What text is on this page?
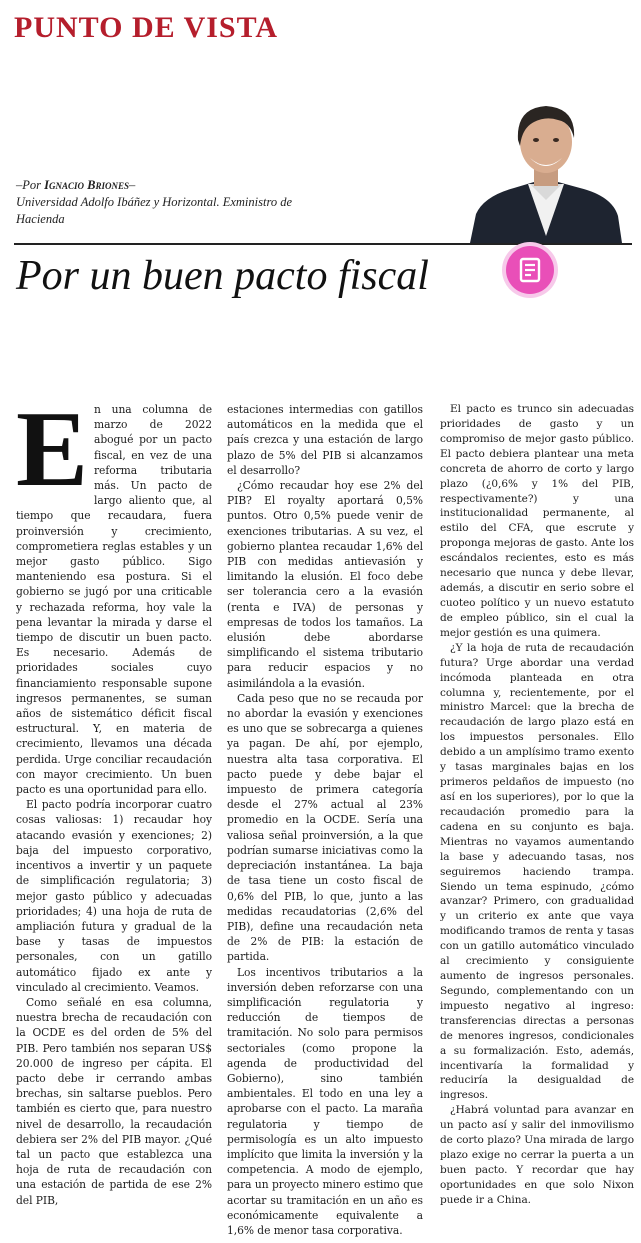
PUNTO DE VISTA
–Por Ignacio Briones–
Universidad Adolfo Ibáñez y Horizontal. Exministro de Hacienda
Por un buen pacto fiscal
E n una columna de marzo de 2022 abogué por un pacto fiscal, en vez de una reforma tributaria más. Un pacto de largo aliento que, al tiempo que recaudara, fuera proinversión y crecimiento, comprometiera reglas estables y un mejor gasto público. Sigo manteniendo esa postura. Si el gobierno se jugó por una criticable y rechazada reforma, hoy vale la pena levantar la mirada y darse el tiempo de discutir un buen pacto. Es necesario. Además de prioridades sociales cuyo financiamiento responsable supone ingresos permanentes, se suman años de sistemático déficit fiscal estructural. Y, en materia de crecimiento, llevamos una década perdida. Urge conciliar recaudación con mayor crecimiento. Un buen pacto es una oportunidad para ello.

El pacto podría incorporar cuatro cosas valiosas: 1) recaudar hoy atacando evasión y exenciones; 2) baja del impuesto corporativo, incentivos a invertir y un paquete de simplificación regulatoria; 3) mejor gasto público y adecuadas prioridades; 4) una hoja de ruta de ampliación futura y gradual de la base y tasas de impuestos personales, con un gatillo automático fijado ex ante y vinculado al crecimiento. Veamos.

Como señalé en esa columna, nuestra brecha de recaudación con la OCDE es del orden de 5% del PIB. Pero también nos separan US$ 20.000 de ingreso per cápita. El pacto debe ir cerrando ambas brechas, sin saltarse pueblos. Pero también es cierto que, para nuestro nivel de desarrollo, la recaudación debiera ser 2% del PIB mayor. ¿Qué tal un pacto que establezca una hoja de ruta de recaudación con una estación de partida de ese 2% del PIB,

estaciones intermedias con gatillos automáticos en la medida que el país crezca y una estación de largo plazo de 5% del PIB si alcanzamos el desarrollo?

¿Cómo recaudar hoy ese 2% del PIB? El royalty aportará 0,5% puntos. Otro 0,5% puede venir de exenciones tributarias. A su vez, el gobierno plantea recaudar 1,6% del PIB con medidas antievasión y limitando la elusión. El foco debe ser tolerancia cero a la evasión (renta e IVA) de personas y empresas de todos los tamaños. La elusión debe abordarse simplificando el sistema tributario para reducir espacios y no asimilándola a la evasión.

Cada peso que no se recauda por no abordar la evasión y exenciones es uno que se sobrecarga a quienes ya pagan. De ahí, por ejemplo, nuestra alta tasa corporativa. El pacto puede y debe bajar el impuesto de primera categoría desde el 27% actual al 23% promedio en la OCDE. Sería una valiosa señal proinversión, a la que podrían sumarse iniciativas como la depreciación instantánea. La baja de tasa tiene un costo fiscal de 0,6% del PIB, lo que, junto a las medidas recaudatorias (2,6% del PIB), define una recaudación neta de 2% de PIB: la estación de partida.

Los incentivos tributarios a la inversión deben reforzarse con una simplificación regulatoria y reducción de tiempos de tramitación. No solo para permisos sectoriales (como propone la agenda de productividad del Gobierno), sino también ambientales. El todo en una ley a aprobarse con el pacto. La maraña regulatoria y tiempo de permisología es un alto impuesto implícito que limita la inversión y la competencia. A modo de ejemplo, para un proyecto minero estimo que acortar su tramitación en un año es económicamente equivalente a 1,6% de menor tasa corporativa.

El pacto es trunco sin adecuadas prioridades de gasto y un compromiso de mejor gasto público. El pacto debiera plantear una meta concreta de ahorro de corto y largo plazo (¿0,6% y 1% del PIB, respectivamente?) y una institucionalidad permanente, al estilo del CFA, que escrute y proponga mejoras de gasto. Ante los escándalos recientes, esto es más necesario que nunca y debe llevar, además, a discutir en serio sobre el cuoteo político y un nuevo estatuto de empleo público, sin el cual la mejor gestión es una quimera.

¿Y la hoja de ruta de recaudación futura? Urge abordar una verdad incómoda planteada en otra columna y, recientemente, por el ministro Marcel: que la brecha de recaudación de largo plazo está en los impuestos personales. Ello debido a un amplísimo tramo exento y tasas marginales bajas en los primeros peldaños de impuesto (no así en los superiores), por lo que la recaudación promedio para la cadena en su conjunto es baja. Mientras no vayamos aumentando la base y adecuando tasas, nos seguiremos haciendo trampa. Siendo un tema espinudo, ¿cómo avanzar? Primero, con gradualidad y un criterio ex ante que vaya modificando tramos de renta y tasas con un gatillo automático vinculado al crecimiento y consiguiente aumento de ingresos personales. Segundo, complementando con un impuesto negativo al ingreso: transferencias directas a personas de menores ingresos, condicionales a su formalización. Esto, además, incentivaría la formalidad y reduciría la desigualdad de ingresos.

¿Habrá voluntad para avanzar en un pacto así y salir del inmovilismo de corto plazo? Una mirada de largo plazo exige no cerrar la puerta a un buen pacto. Y recordar que hay oportunidades en que solo Nixon puede ir a China.
